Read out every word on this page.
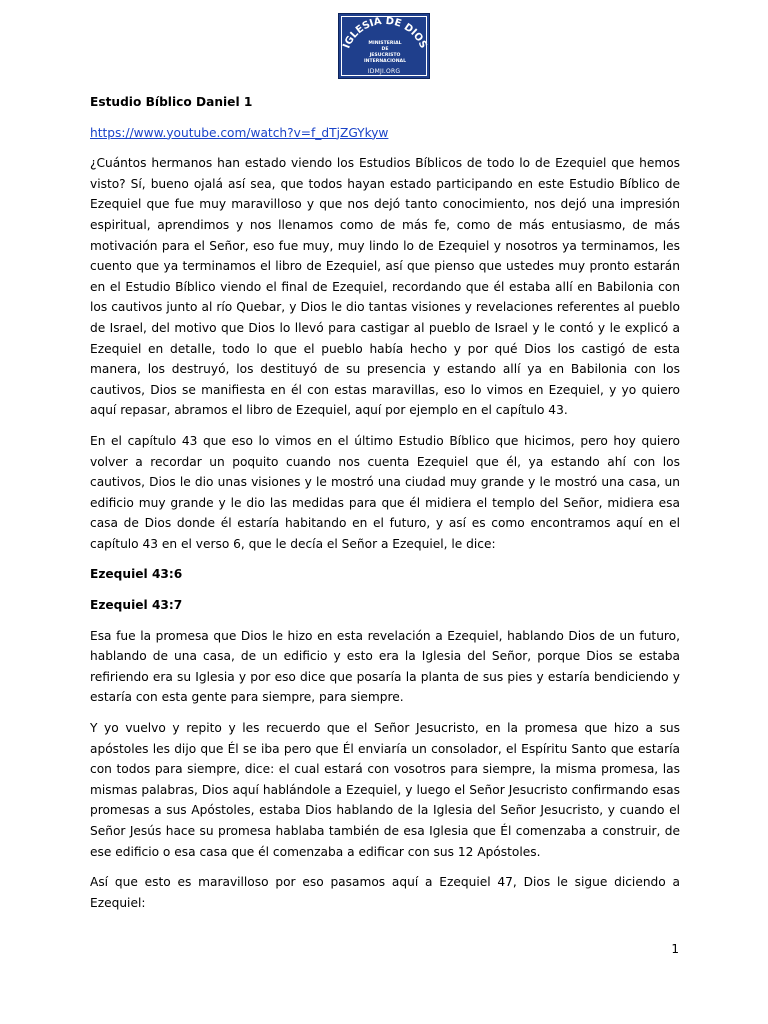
IGLESIA DE DIOS
MINISTERIAL
DE
JESUCRISTO
INTERNACIONAL
IDMJI.ORG

Estudio Bíblico Daniel 1

https://www.youtube.com/watch?v=f_dTjZGYkyw

¿Cuántos hermanos han estado viendo los Estudios Bíblicos de todo lo de Ezequiel que hemos visto? Sí, bueno ojalá así sea, que todos hayan estado participando en este Estudio Bíblico de Ezequiel que fue muy maravilloso y que nos dejó tanto conocimiento, nos dejó una impresión espiritual, aprendimos y nos llenamos como de más fe, como de más entusiasmo, de más motivación para el Señor, eso fue muy, muy lindo lo de Ezequiel y nosotros ya terminamos, les cuento que ya terminamos el libro de Ezequiel, así que pienso que ustedes muy pronto estarán en el Estudio Bíblico viendo el final de Ezequiel, recordando que él estaba allí en Babilonia con los cautivos junto al río Quebar, y Dios le dio tantas visiones y revelaciones referentes al pueblo de Israel, del motivo que Dios lo llevó para castigar al pueblo de Israel y le contó y le explicó a Ezequiel en detalle, todo lo que el pueblo había hecho y por qué Dios los castigó de esta manera, los destruyó, los destituyó de su presencia y estando allí ya en Babilonia con los cautivos, Dios se manifiesta en él con estas maravillas, eso lo vimos en Ezequiel, y yo quiero aquí repasar, abramos el libro de Ezequiel, aquí por ejemplo en el capítulo 43.

En el capítulo 43 que eso lo vimos en el último Estudio Bíblico que hicimos, pero hoy quiero volver a recordar un poquito cuando nos cuenta Ezequiel que él, ya estando ahí con los cautivos, Dios le dio unas visiones y le mostró una ciudad muy grande y le mostró una casa, un edificio muy grande y le dio las medidas para que él midiera el templo del Señor, midiera esa casa de Dios donde él estaría habitando en el futuro, y así es como encontramos aquí en el capítulo 43 en el verso 6, que le decía el Señor a Ezequiel, le dice:

Ezequiel 43:6

Ezequiel 43:7

Esa fue la promesa que Dios le hizo en esta revelación a Ezequiel, hablando Dios de un futuro, hablando de una casa, de un edificio y esto era la Iglesia del Señor, porque Dios se estaba refiriendo era su Iglesia y por eso dice que posaría la planta de sus pies y estaría bendiciendo y estaría con esta gente para siempre, para siempre.

Y yo vuelvo y repito y les recuerdo que el Señor Jesucristo, en la promesa que hizo a sus apóstoles les dijo que Él se iba pero que Él enviaría un consolador, el Espíritu Santo que estaría con todos para siempre, dice: el cual estará con vosotros para siempre, la misma promesa, las mismas palabras, Dios aquí hablándole a Ezequiel, y luego el Señor Jesucristo confirmando esas promesas a sus Apóstoles, estaba Dios hablando de la Iglesia del Señor Jesucristo, y cuando el Señor Jesús hace su promesa hablaba también de esa Iglesia que Él comenzaba a construir, de ese edificio o esa casa que él comenzaba a edificar con sus 12 Apóstoles.

Así que esto es maravilloso por eso pasamos aquí a Ezequiel 47, Dios le sigue diciendo a Ezequiel:

1
